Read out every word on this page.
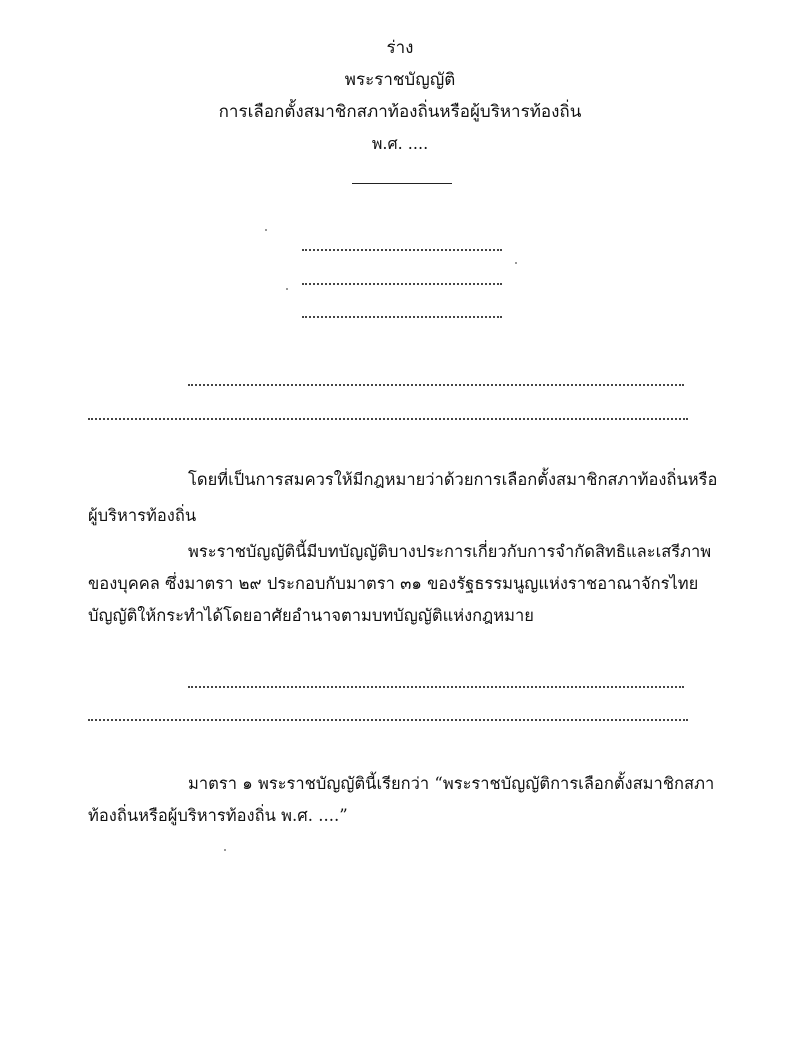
ร่าง
พระราชบัญญัติ
การเลือกตั้งสมาชิกสภาท้องถิ่นหรือผู้บริหารท้องถิ่น
พ.ศ. ....
โดยที่เป็นการสมควรให้มีกฎหมายว่าด้วยการเลือกตั้งสมาชิกสภาท้องถิ่นหรือ
ผู้บริหารท้องถิ่น
พระราชบัญญัตินี้มีบทบัญญัติบางประการเกี่ยวกับการจำกัดสิทธิและเสรีภาพ
ของบุคคล ซึ่งมาตรา ๒๙ ประกอบกับมาตรา ๓๑ ของรัฐธรรมนูญแห่งราชอาณาจักรไทย
บัญญัติให้กระทำได้โดยอาศัยอำนาจตามบทบัญญัติแห่งกฎหมาย
มาตรา ๑ พระราชบัญญัตินี้เรียกว่า “พระราชบัญญัติการเลือกตั้งสมาชิกสภา
ท้องถิ่นหรือผู้บริหารท้องถิ่น พ.ศ. ....”
